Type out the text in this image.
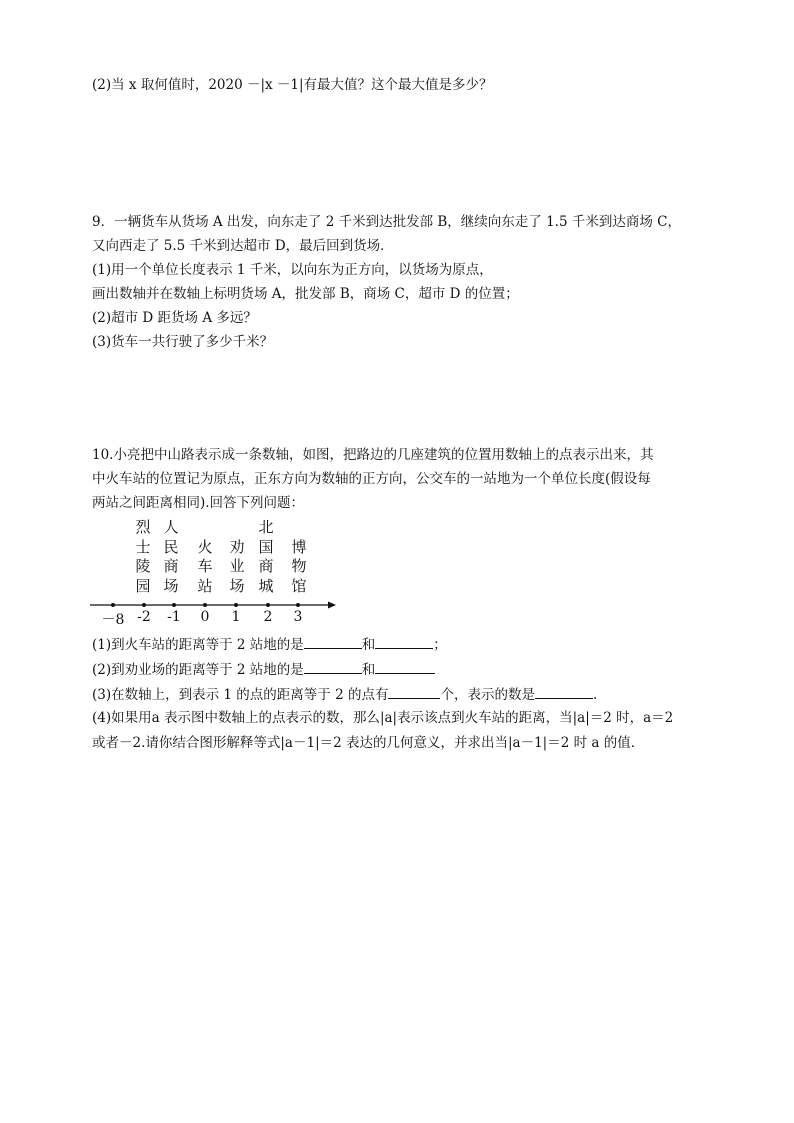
(2)当 x 取何值时，2020 －|x －1|有最大值？这个最大值是多少？
9．一辆货车从货场 A 出发，向东走了 2 千米到达批发部 B，继续向东走了 1.5 千米到达商场 C，
又向西走了 5.5 千米到达超市 D，最后回到货场．
(1)用一个单位长度表示 1 千米，以向东为正方向，以货场为原点，
画出数轴并在数轴上标明货场 A，批发部 B，商场 C，超市 D 的位置；
(2)超市 D 距货场 A 多远？
(3)货车一共行驶了多少千米？
10.小亮把中山路表示成一条数轴，如图，把路边的几座建筑的位置用数轴上的点表示出来，其
中火车站的位置记为原点，正东方向为数轴的正方向，公交车的一站地为一个单位长度(假设每
两站之间距离相同).回答下列问题：
烈士陵园
人民商场
火车站
劝业场
北国商城
博物馆
－8 -2	-1	0	1	2	3
(1)到火车站的距离等于 2 站地的是	和	；
(2)到劝业场的距离等于 2 站地的是	和
(3)在数轴上，到表示 1 的点的距离等于 2 的点有	个，表示的数是	.
(4)如果用a 表示图中数轴上的点表示的数，那么|a|表示该点到火车站的距离，当|a|＝2 时，a＝2
或者－2.请你结合图形解释等式|a－1|＝2 表达的几何意义，并求出当|a－1|＝2 时 a 的值．
